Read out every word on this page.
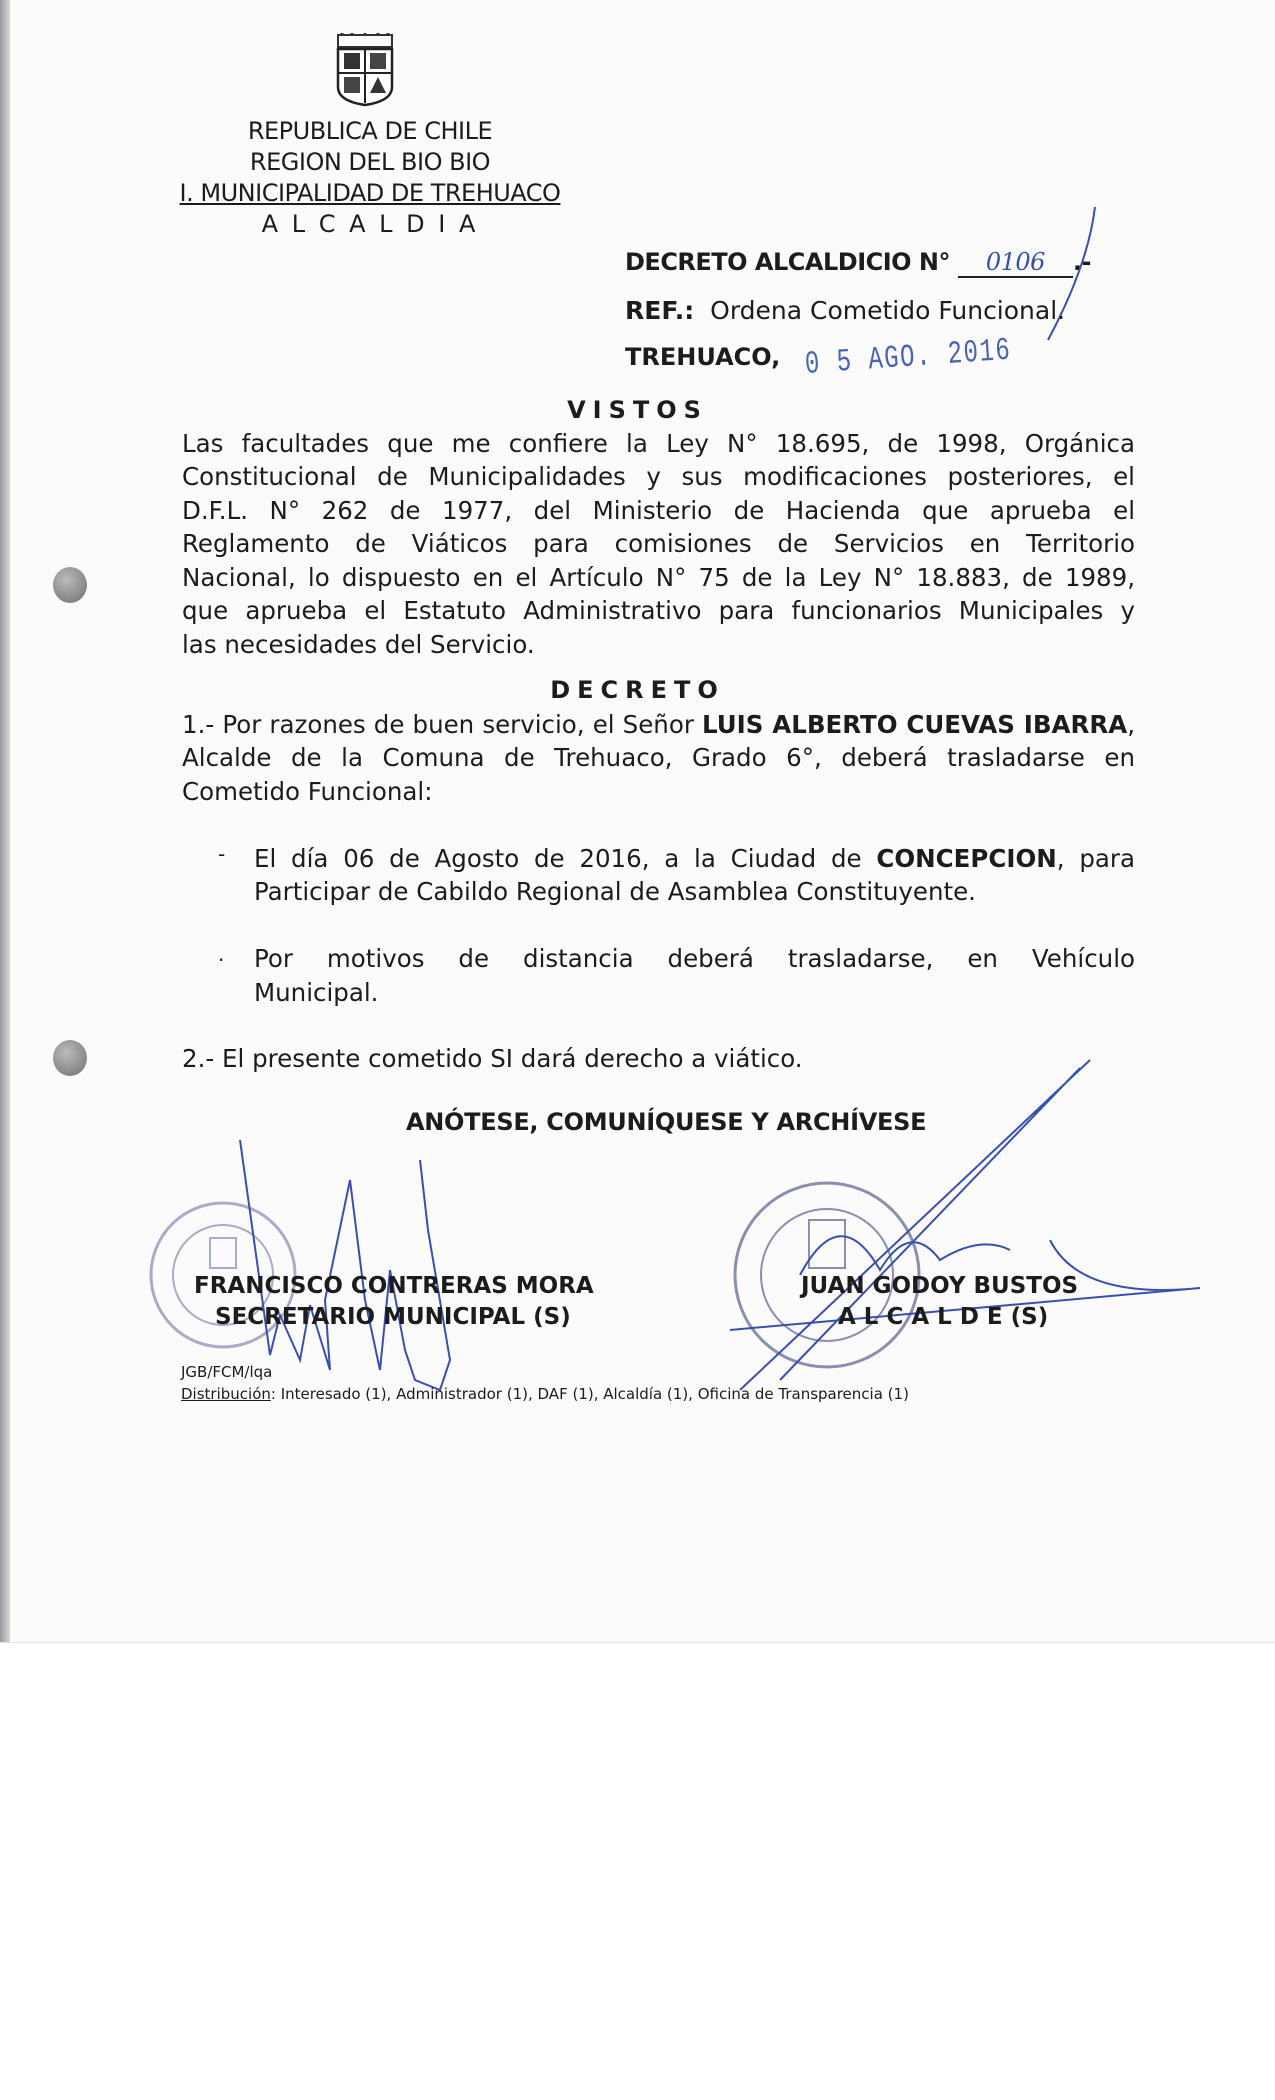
REPUBLICA DE CHILE
REGION DEL BIO BIO
I. MUNICIPALIDAD DE TREHUACO
A L C A L D I A
DECRETO ALCALDICIO N° 0106 .-
REF.: Ordena Cometido Funcional.
TREHUACO, 0 5 AGO. 2016
VISTOS
Las facultades que me confiere la Ley N° 18.695, de 1998, Orgánica
Constitucional de Municipalidades y sus modificaciones posteriores, el
D.F.L. N° 262 de 1977, del Ministerio de Hacienda que aprueba el
Reglamento de Viáticos para comisiones de Servicios en Territorio
Nacional, lo dispuesto en el Artículo N° 75 de la Ley N° 18.883, de 1989,
que aprueba el Estatuto Administrativo para funcionarios Municipales y
las necesidades del Servicio.
DECRETO
1.- Por razones de buen servicio, el Señor LUIS ALBERTO CUEVAS IBARRA,
Alcalde de la Comuna de Trehuaco, Grado 6°, deberá trasladarse en
Cometido Funcional:
- El día 06 de Agosto de 2016, a la Ciudad de CONCEPCION, para
Participar de Cabildo Regional de Asamblea Constituyente.
. Por motivos de distancia deberá trasladarse, en Vehículo
Municipal.
2.- El presente cometido SI dará derecho a viático.
ANÓTESE, COMUNÍQUESE Y ARCHÍVESE
FRANCISCO CONTRERAS MORA
SECRETARIO MUNICIPAL (S)
JUAN GODOY BUSTOS
A L C A L D E (S)
JGB/FCM/lqa
Distribución: Interesado (1), Administrador (1), DAF (1), Alcaldía (1), Oficina de Transparencia (1)
